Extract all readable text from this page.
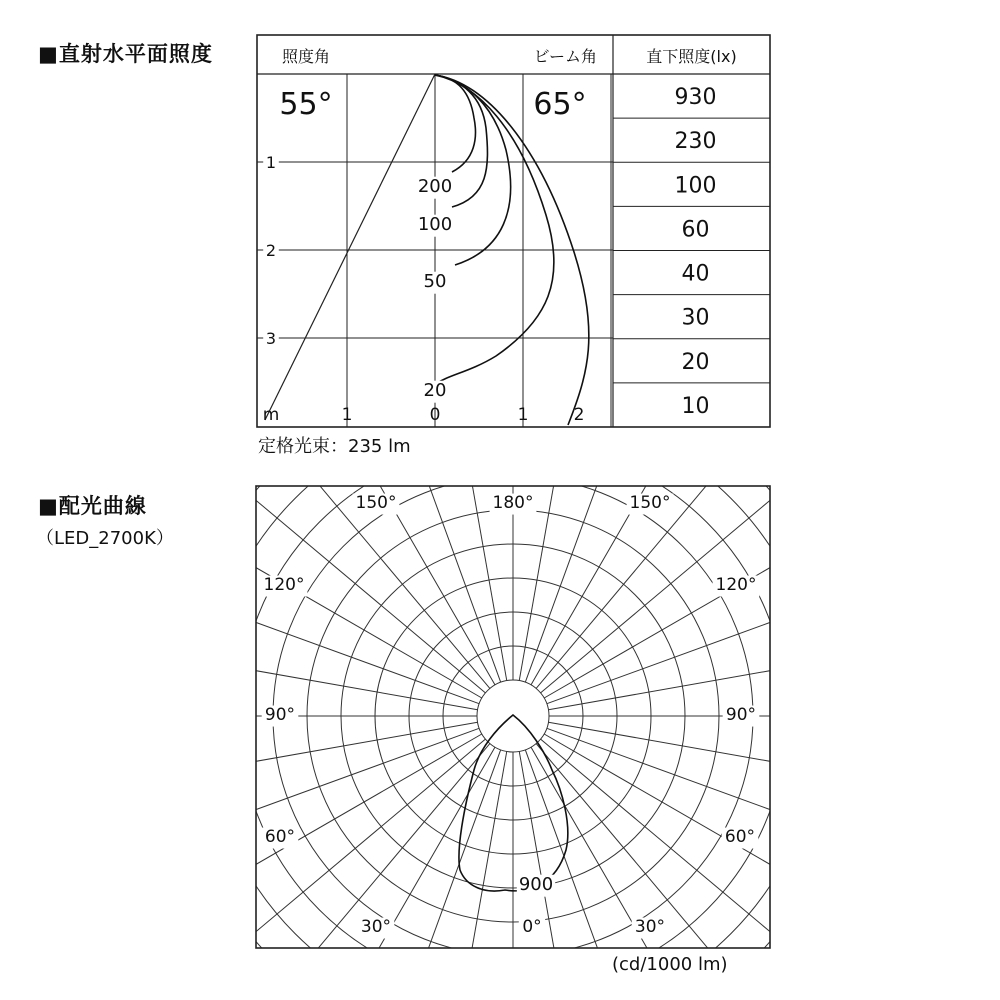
■直射水平面照度	照度角	ビーム角	直下照度(lx)
55°	65°
1
2
3
m	1	0	1	2
200
100
50
20
930
230
100
60
40
30
20
10
定格光束：235 lm
■配光曲線
（LED_2700K）
150°	180°	150°
120°	120°
90°	90°
60°	60°
30°	0°	30°
900
(cd/1000 lm)
